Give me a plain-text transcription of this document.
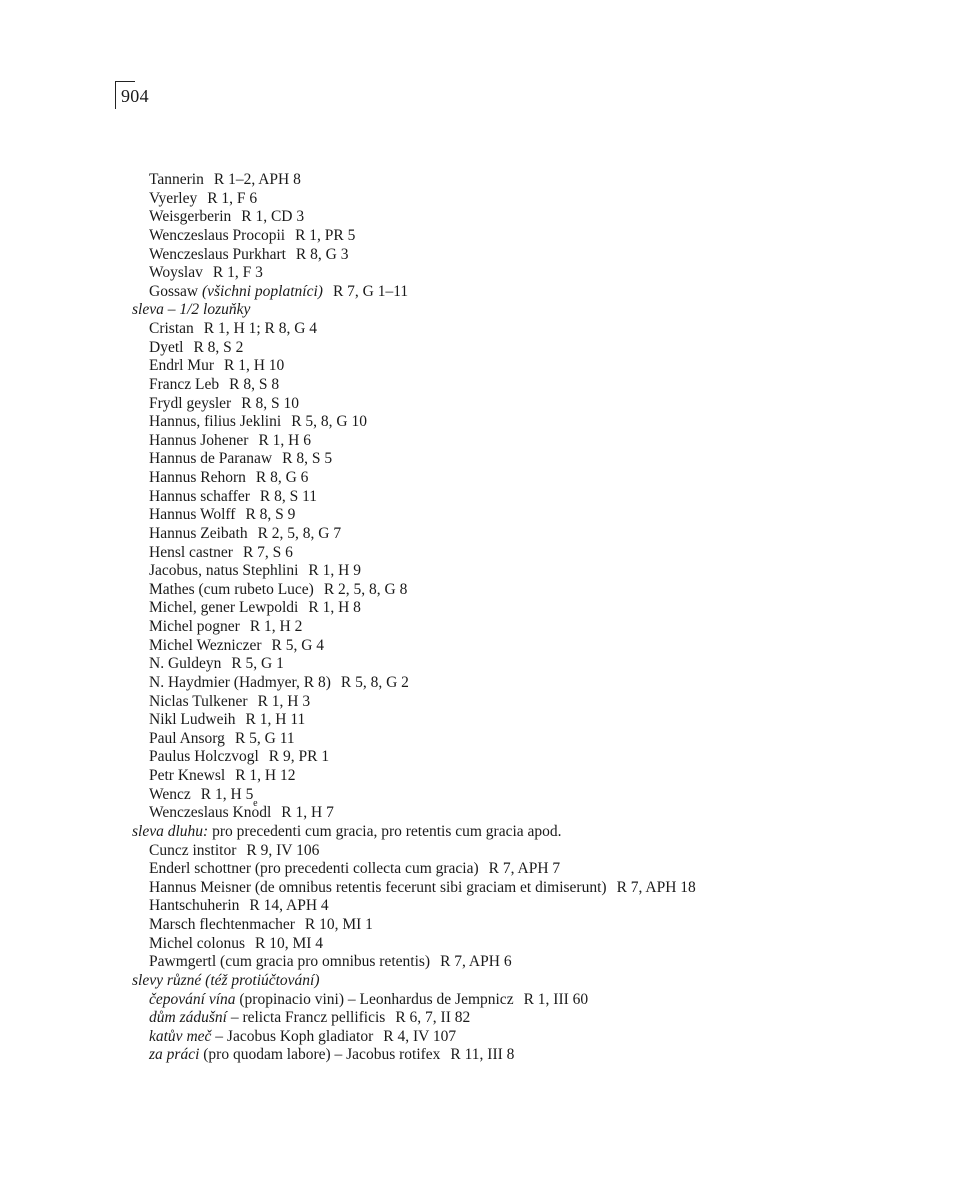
904
Tannerin R 1–2, APH 8
Vyerley R 1, F 6
Weisgerberin R 1, CD 3
Wenczeslaus Procopii R 1, PR 5
Wenczeslaus Purkhart R 8, G 3
Woyslav R 1, F 3
Gossaw (všichni poplatníci) R 7, G 1–11
sleva – 1/2 lozuňky
Cristan R 1, H 1; R 8, G 4
Dyetl R 8, S 2
Endrl Mur R 1, H 10
Francz Leb R 8, S 8
Frydl geysler R 8, S 10
Hannus, filius Jeklini R 5, 8, G 10
Hannus Johener R 1, H 6
Hannus de Paranaw R 8, S 5
Hannus Rehorn R 8, G 6
Hannus schaffer R 8, S 11
Hannus Wolff R 8, S 9
Hannus Zeibath R 2, 5, 8, G 7
Hensl castner R 7, S 6
Jacobus, natus Stephlini R 1, H 9
Mathes (cum rubeto Luce) R 2, 5, 8, G 8
Michel, gener Lewpoldi R 1, H 8
Michel pogner R 1, H 2
Michel Wezniczer R 5, G 4
N. Guldeyn R 5, G 1
N. Haydmier (Hadmyer, R 8) R 5, 8, G 2
Niclas Tulkener R 1, H 3
Nikl Ludweih R 1, H 11
Paul Ansorg R 5, G 11
Paulus Holczvogl R 9, PR 1
Petr Knewsl R 1, H 12
Wencz R 1, H 5
Wenczeslaus Kno edl R 1, H 7
sleva dluhu: pro precedenti cum gracia, pro retentis cum gracia apod.
Cuncz institor R 9, IV 106
Enderl schottner (pro precedenti collecta cum gracia) R 7, APH 7
Hannus Meisner (de omnibus retentis fecerunt sibi graciam et dimiserunt) R 7, APH 18
Hantschuherin R 14, APH 4
Marsch flechtenmacher R 10, MI 1
Michel colonus R 10, MI 4
Pawmgertl (cum gracia pro omnibus retentis) R 7, APH 6
slevy různé (též protiúčtování)
čepování vína (propinacio vini) – Leonhardus de Jempnicz R 1, III 60
dům zádušní – relicta Francz pellificis R 6, 7, II 82
katův meč – Jacobus Koph gladiator R 4, IV 107
za práci (pro quodam labore) – Jacobus rotifex R 11, III 8
